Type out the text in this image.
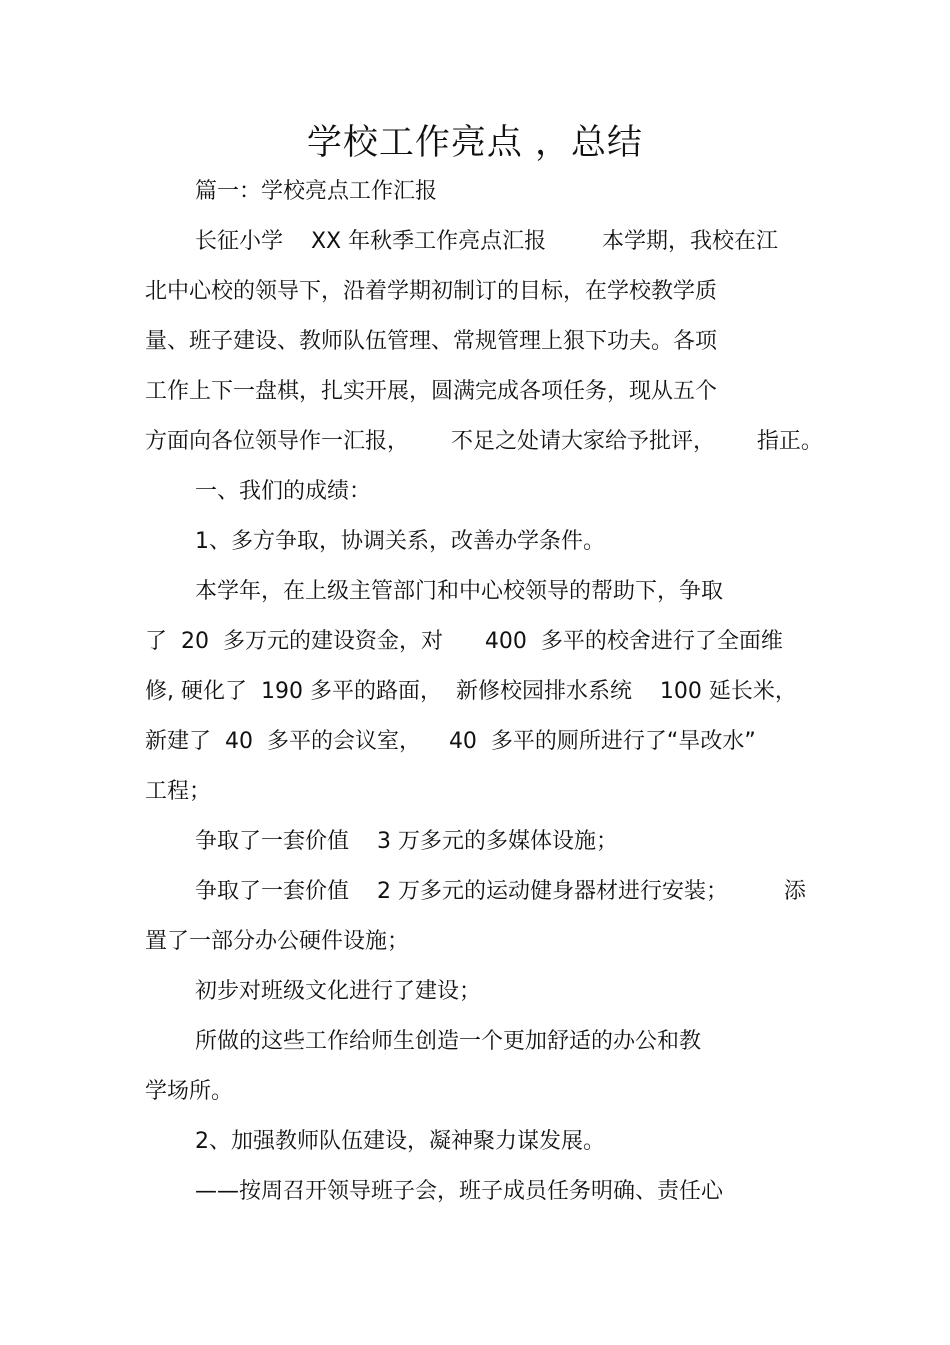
学校工作亮点 ，总结
篇一：学校亮点工作汇报
长征小学    XX 年秋季工作亮点汇报        本学期，我校在江
北中心校的领导下，沿着学期初制订的目标，在学校教学质
量、班子建设、教师队伍管理、常规管理上狠下功夫。各项
工作上下一盘棋，扎实开展，圆满完成各项任务，现从五个
方面向各位领导作一汇报，      不足之处请大家给予批评，      指正。
一、我们的成绩：
1、多方争取，协调关系，改善办学条件。
本学年，在上级主管部门和中心校领导的帮助下，争取
了  20  多万元的建设资金，对      400  多平的校舍进行了全面维
修, 硬化了  190 多平的路面，  新修校园排水系统    100 延长米，
新建了  40  多平的会议室，    40  多平的厕所进行了“旱改水”
工程；
争取了一套价值    3 万多元的多媒体设施；
争取了一套价值    2 万多元的运动健身器材进行安装；        添
置了一部分办公硬件设施；
初步对班级文化进行了建设；
所做的这些工作给师生创造一个更加舒适的办公和教
学场所。
2、加强教师队伍建设，凝神聚力谋发展。
——按周召开领导班子会，班子成员任务明确、责任心
